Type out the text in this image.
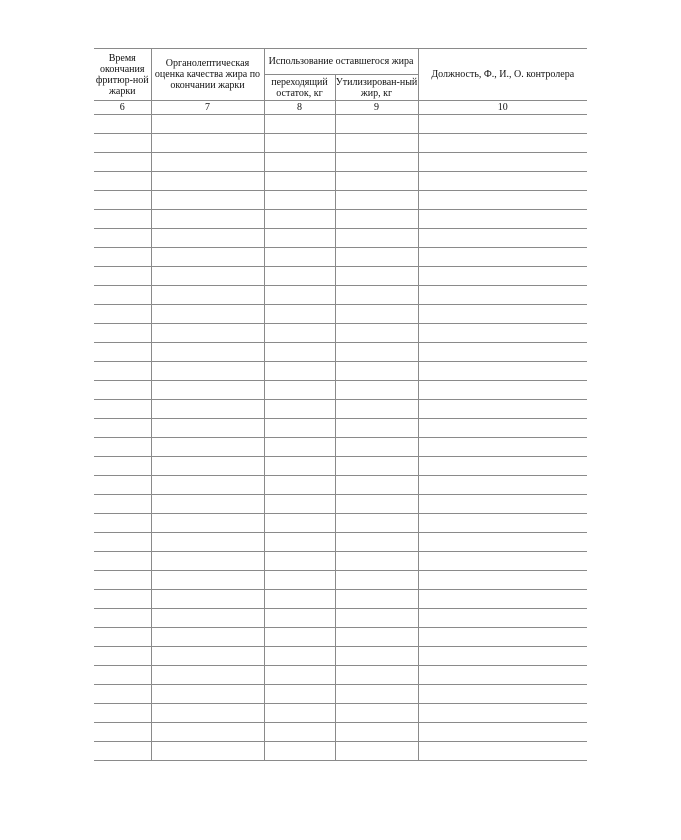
Время окончания фритюр-ной жарки	Органолептическая оценка качества жира по окончании жарки	Использование оставшегося жира		Должность, Ф., И., О. контролера
		переходящий остаток, кг	Утилизирован-ный жир, кг	
6	7	8	9	10
